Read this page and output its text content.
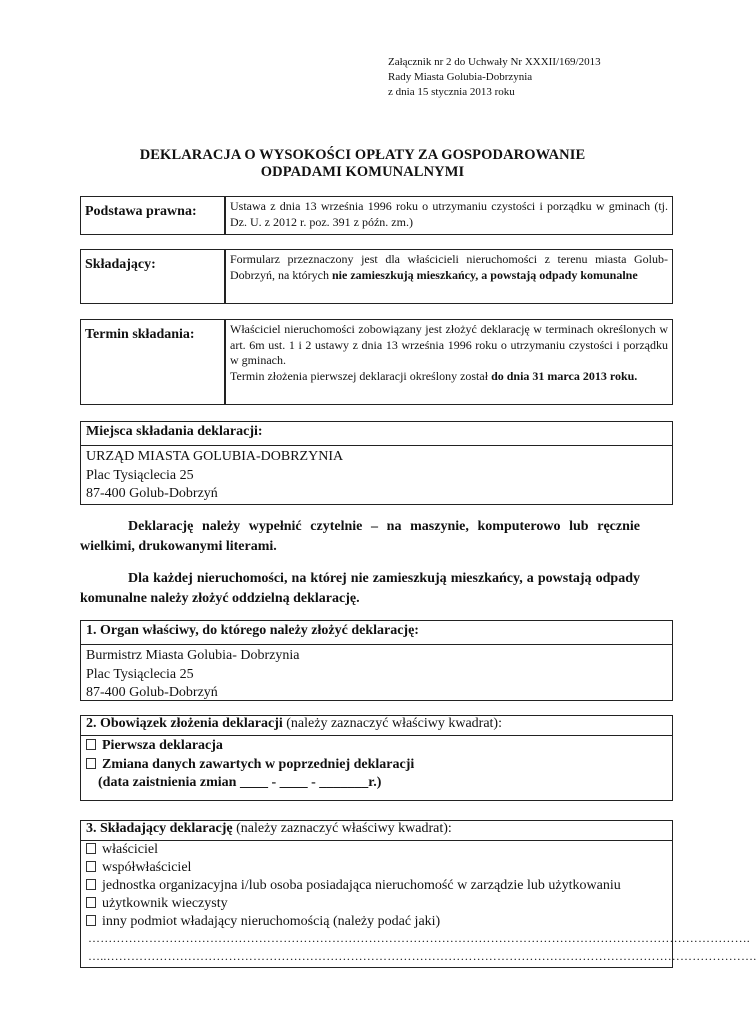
Załącznik nr 2 do Uchwały Nr XXXII/169/2013
Rady Miasta Golubia-Dobrzynia
z dnia 15 stycznia 2013 roku
DEKLARACJA O WYSOKOŚCI OPŁATY ZA GOSPODAROWANIE
ODPADAMI KOMUNALNYMI
Podstawa prawna:	Ustawa z dnia 13 września 1996 roku o utrzymaniu czystości i porządku w gminach (tj. Dz. U. z 2012 r. poz. 391 z późn. zm.)

Składający:	Formularz przeznaczony jest dla właścicieli nieruchomości z terenu miasta Golub-Dobrzyń, na których nie zamieszkują mieszkańcy, a powstają odpady komunalne

Termin składania:	Właściciel nieruchomości zobowiązany jest złożyć deklarację w terminach określonych w art. 6m ust. 1 i 2 ustawy z dnia 13 września 1996 roku o utrzymaniu czystości i porządku w gminach.

Termin złożenia pierwszej deklaracji określony został do dnia 31 marca 2013 roku.

Miejsca składania deklaracji:
URZĄD MIASTA GOLUBIA-DOBRZYNIA
Plac Tysiąclecia 25
87-400 Golub-Dobrzyń
Deklarację należy wypełnić czytelnie – na maszynie, komputerowo lub ręcznie wielkimi, drukowanymi literami.
Dla każdej nieruchomości, na której nie zamieszkują mieszkańcy, a powstają odpady komunalne należy złożyć oddzielną deklarację.
1. Organ właściwy, do którego należy złożyć deklarację:
Burmistrz Miasta Golubia- Dobrzynia
Plac Tysiąclecia 25
87-400 Golub-Dobrzyń
2. Obowiązek złożenia deklaracji (należy zaznaczyć właściwy kwadrat):
Pierwsza deklaracja
Zmiana danych zawartych w poprzedniej deklaracji
(data zaistnienia zmian ____ - ____ - _______r.)
3. Składający deklarację (należy zaznaczyć właściwy kwadrat):
właściciel
współwłaściciel
jednostka organizacyjna i/lub osoba posiadająca nieruchomość w zarządzie lub użytkowaniu
użytkownik wieczysty
inny podmiot władający nieruchomością (należy podać jaki)
……………………………………………………………………………………………………………………………………………….
…..…………………………………………………………………………………………………………………………………………….
